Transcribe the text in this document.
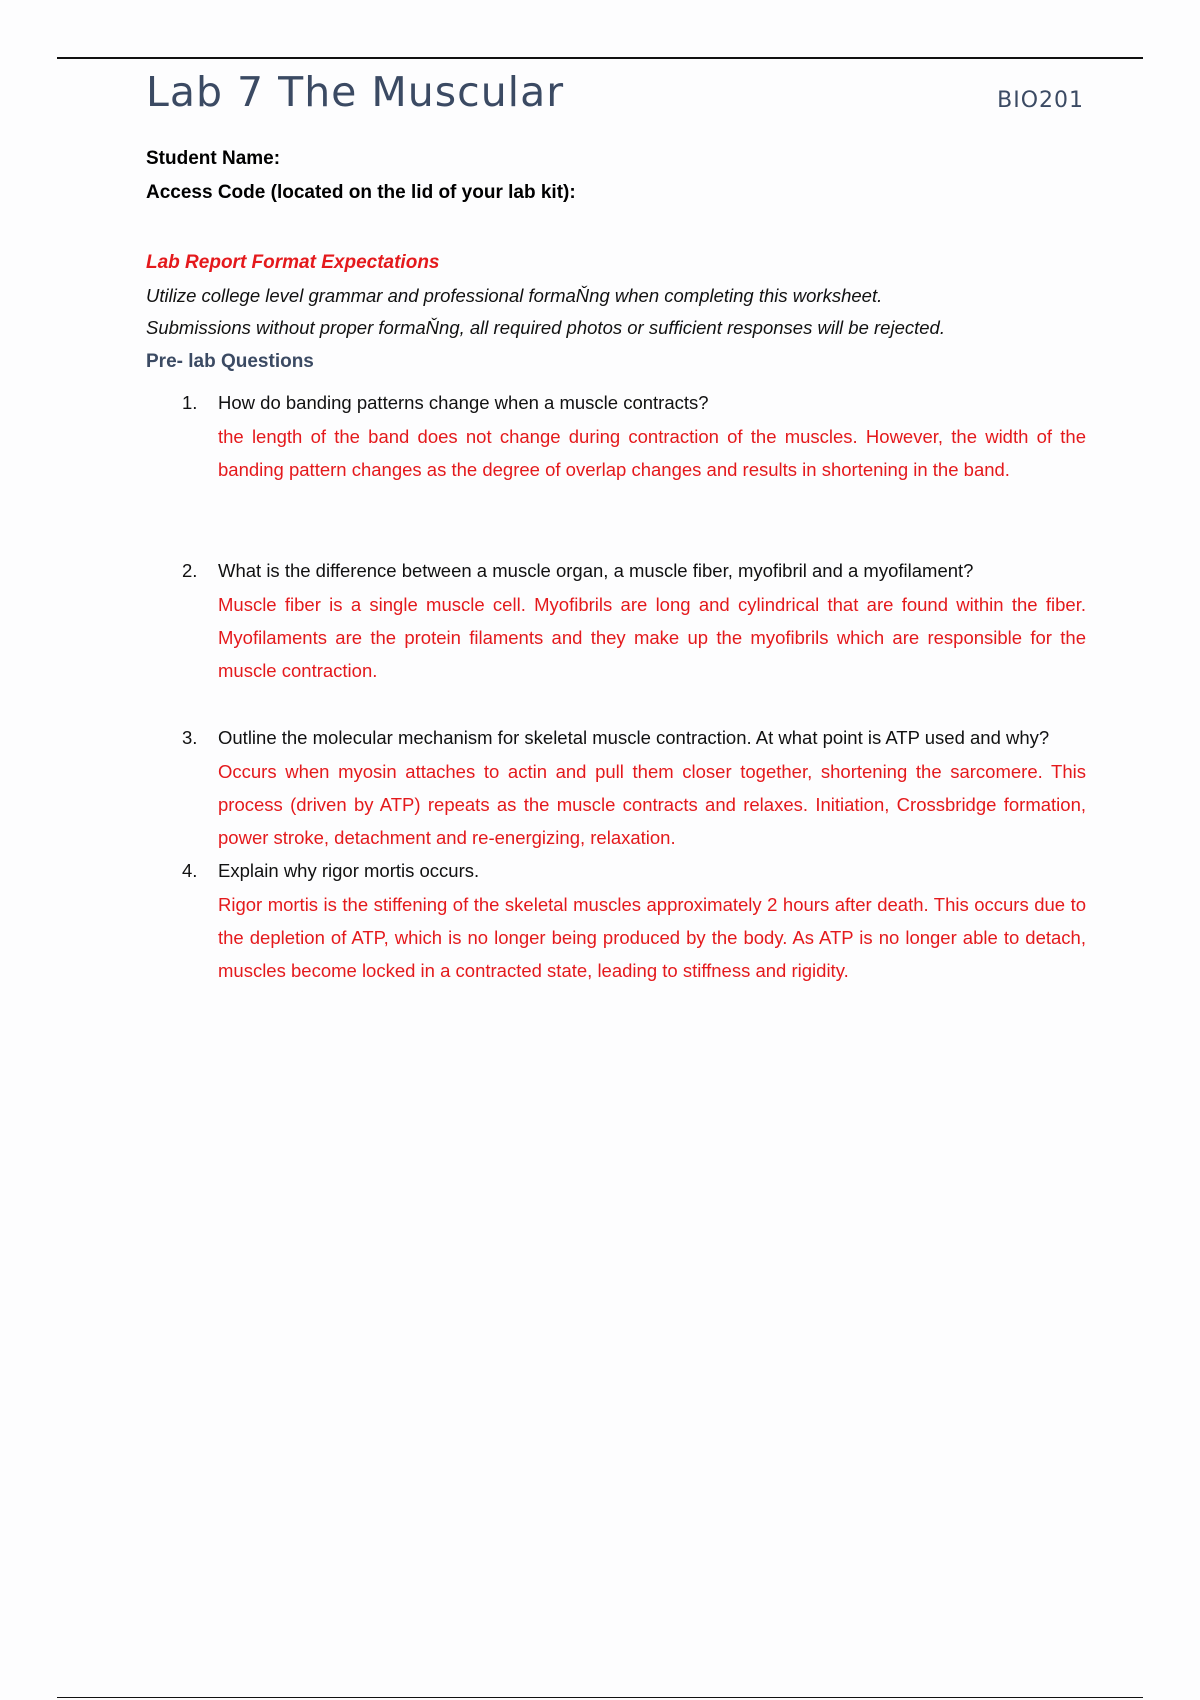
Lab 7 The Muscular	BIO201
Student Name:
Access Code (located on the lid of your lab kit):
Lab Report Format Expectations
Utilize college level grammar and professional formaŇng when completing this worksheet.
Submissions without proper formaŇng, all required photos or sufficient responses will be rejected.
Pre- lab Questions
1. How do banding patterns change when a muscle contracts?
the length of the band does not change during contraction of the muscles. However, the width of the banding pattern changes as the degree of overlap changes and results in shortening in the band.
2. What is the difference between a muscle organ, a muscle fiber, myofibril and a myofilament?
Muscle fiber is a single muscle cell. Myofibrils are long and cylindrical that are found within the fiber. Myofilaments are the protein filaments and they make up the myofibrils which are responsible for the muscle contraction.
3. Outline the molecular mechanism for skeletal muscle contraction. At what point is ATP used and why?
Occurs when myosin attaches to actin and pull them closer together, shortening the sarcomere. This process (driven by ATP) repeats as the muscle contracts and relaxes. Initiation, Crossbridge formation, power stroke, detachment and re-energizing, relaxation.
4. Explain why rigor mortis occurs.
Rigor mortis is the stiffening of the skeletal muscles approximately 2 hours after death. This occurs due to the depletion of ATP, which is no longer being produced by the body. As ATP is no longer able to detach, muscles become locked in a contracted state, leading to stiffness and rigidity.
